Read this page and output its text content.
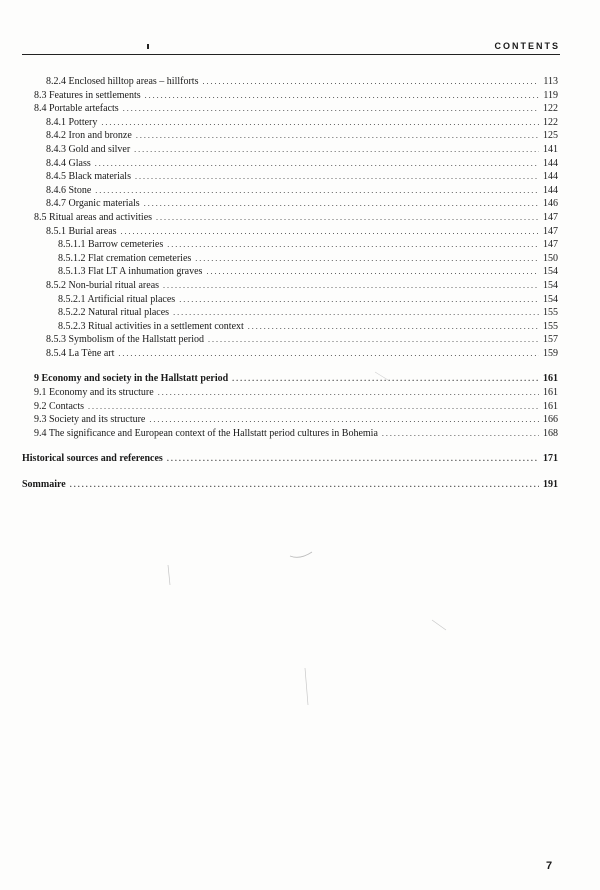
CONTENTS
8.2.4 Enclosed hilltop areas – hillforts . . .	113
8.3 Features in settlements . . .	119
8.4 Portable artefacts . . .	122
8.4.1 Pottery . . .	122
8.4.2 Iron and bronze . . .	125
8.4.3 Gold and silver . . .	141
8.4.4 Glass . . .	144
8.4.5 Black materials . . .	144
8.4.6 Stone . . .	144
8.4.7 Organic materials . . .	146
8.5 Ritual areas and activities . . .	147
8.5.1 Burial areas . . .	147
8.5.1.1 Barrow cemeteries . . .	147
8.5.1.2 Flat cremation cemeteries . . .	150
8.5.1.3 Flat LT A inhumation graves . . .	154
8.5.2 Non-burial ritual areas . . .	154
8.5.2.1 Artificial ritual places . . .	154
8.5.2.2 Natural ritual places . . .	155
8.5.2.3 Ritual activities in a settlement context . . .	155
8.5.3 Symbolism of the Hallstatt period . . .	157
8.5.4 La Tène art . . .	159
9 Economy and society in the Hallstatt period . . .	161
9.1 Economy and its structure . . .	161
9.2 Contacts . . .	161
9.3 Society and its structure . . .	166
9.4 The significance and European context of the Hallstatt period cultures in Bohemia . . .	168
Historical sources and references . . .	171
Sommaire . . .	191
7
